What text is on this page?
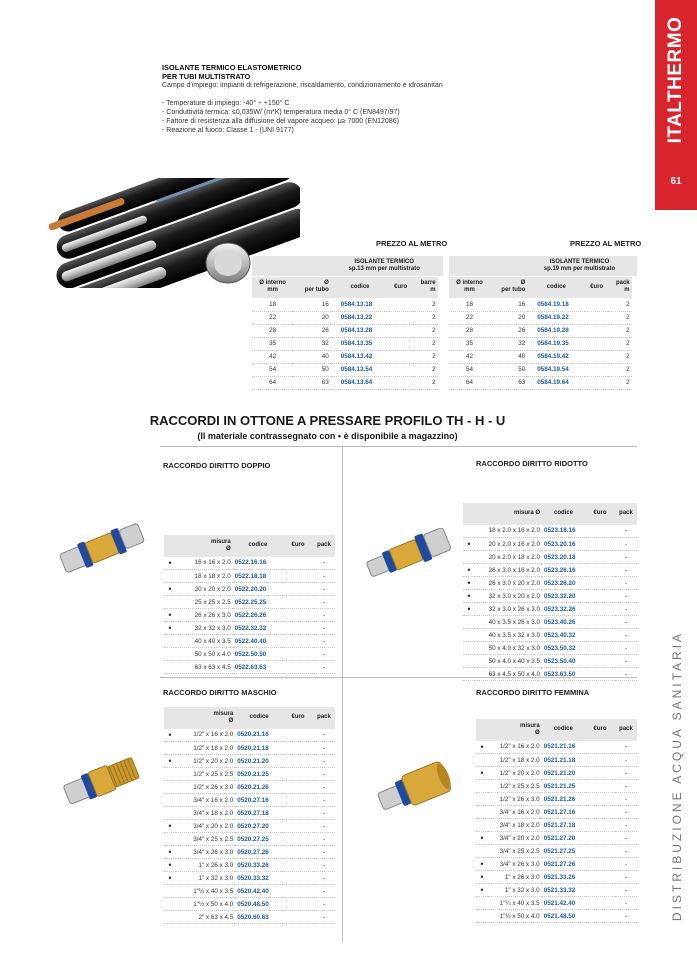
ITALTHERMO
61
DISTRIBUZIONE ACQUA SANITARIA
ISOLANTE TERMICO ELASTOMETRICO
PER TUBI MULTISTRATO
Campo d'impiego: impianti di refrigerazione, riscaldamento, condizionamento e idrosanitari
- Temperature di impiego: -40° ÷ +150° C
- Conduttività termica: ≤0,035W/ (m*K) temperatura media 0° C (EN8497/97)
- Fattore di resistenza alla diffusione del vapore acqueo: μ≥ 7000 (EN12086)
- Reazione al fuoco: Classe 1 - (UNI 9177)
PREZZO AL METRO	PREZZO AL METRO
		ISOLANTE TERMICO
sp.13 mm per multistrato			
Ø interno
mm	Ø
per tubo	codice	€uro	barre
m	
18	16	0584.13.18		2	
22	20	0584.13.22		2	
28	26	0584.13.28		2	
35	32	0584.13.35		2	
42	40	0584.13.42		2	
54	50	0584.13.54		2	
64	63	0584.13.64		2	
		ISOLANTE TERMICO
sp.19 mm per multistrato			
Ø interno
mm	Ø
per tubo	codice	€uro	pack
m	
18	16	0584.19.18		2	
22	20	0584.19.22		2	
28	26	0584.19.28		2	
35	32	0584.19.35		2	
42	40	0584.19.42		2	
54	50	0584.19.54		2	
64	63	0584.19.64		2	
RACCORDI IN OTTONE A PRESSARE PROFILO TH - H - U
(Il materiale contrassegnato con • è disponibile a magazzino)
RACCORDO DIRITTO DOPPIO	RACCORDO DIRITTO RIDOTTO
RACCORDO DIRITTO MASCHIO	RACCORDO DIRITTO FEMMINA
	misura
Ø	codice	€uro	pack
•	16 x 16 x 2.0	0522.16.16		-
	18 x 18 x 2.0	0522.18.18		-
•	20 x 20 x 2.0	0522.20.20		-
	25 x 25 x 2.5	0522.25.25		-
•	26 x 26 x 3.0	0522.26.26		-
•	32 x 32 x 3.0	0522.32.32		-
	40 x 40 x 3.5	0522.40.40		-
	50 x 50 x 4.0	0522.50.50		-
	63 x 63 x 4.5	0522.63.63		-
	misura Ø	codice	€uro	pack
	18 x 2.0 x 16 x 2.0	0523.18.16		-
•	20 x 2.0 x 16 x 2.0	0523.20.16		-
	20 x 2.0 x 18 x 2.0	0523.20.18		-
•	26 x 3.0 x 16 x 2.0	0523.26.16		-
•	26 x 3.0 x 20 x 2.0	0523.26.20		-
•	32 x 3.0 x 20 x 2.0	0523.32.20		-
•	32 x 3.0 x 26 x 3.0	0523.32.26		-
	40 x 3.5 x 26 x 3.0	0523.40.26		-
	40 x 3.5 x 32 x 3.0	0523.40.32		-
	50 x 4.0 x 32 x 3.0	0523.50.32		-
	50 x 4.0 x 40 x 3.5	0523.50.40		-
	63 x 4.5 x 50 x 4.0	0523.63.50		-
	misura
Ø	codice	€uro	pack
•	1/2" x 16 x 2.0	0520.21.16		-
	1/2" x 18 x 2.0	0520.21.18		-
•	1/2" x 20 x 2.0	0520.21.20		-
	1/2" x 25 x 2.5	0520.21.25		-
	1/2" x 26 x 3.0	0520.21.26		-
	3/4" x 16 x 2.0	0520.27.16		-
	3/4" x 18 x 2.0	0520.27.18		-
•	3/4" x 20 x 2.0	0520.27.20		-
	3/4" x 25 x 2.5	0520.27.25		-
•	3/4" x 26 x 3.0	0520.27.26		-
•	1" x 26 x 3.0	0520.33.26		-
•	1" x 32 x 3.0	0520.33.32		-
	1"¼ x 40 x 3.5	0520.42.40		-
	1"½ x 50 x 4.0	0520.48.50		-
	2" x 63 x 4.5	0520.60.63		-
	misura
Ø	codice	€uro	pack
•	1/2" x 16 x 2.0	0521.21.16		-
	1/2" x 18 x 2.0	0521.21.18		-
•	1/2" x 20 x 2.0	0521.21.20		-
	1/2" x 25 x 2.5	0521.21.25		-
	1/2" x 26 x 3.0	0521.21.26		-
	3/4" x 16 x 2.0	0521.27.16		-
	3/4" x 18 x 2.0	0521.27.18		-
•	3/4" x 20 x 2.0	0521.27.20		-
	3/4" x 25 x 2.5	0521.27.25		-
•	3/4" x 26 x 3.0	0521.27.26		-
•	1" x 26 x 3.0	0521.33.26		-
•	1" x 32 x 3.0	0521.33.32		-
	1"¼ x 40 x 3.5	0521.42.40		-
	1"½ x 50 x 4.0	0521.48.50		-
